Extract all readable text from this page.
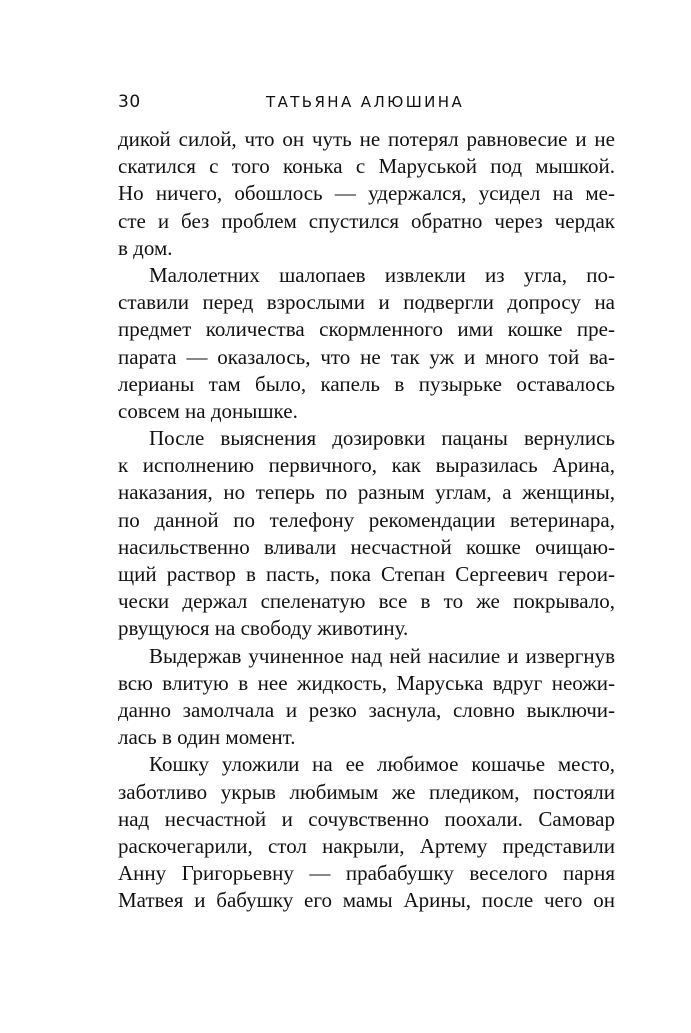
30	ТАТЬЯНА АЛЮШИНА
дикой силой, что он чуть не потерял равновесие и не
скатился с того конька с Маруськой под мышкой.
Но ничего, обошлось — удержался, усидел на ме-
сте и без проблем спустился обратно через чердак
в дом.
Малолетних шалопаев извлекли из угла, по-
ставили перед взрослыми и подвергли допросу на
предмет количества скормленного ими кошке пре-
парата — оказалось, что не так уж и много той ва-
лерианы там было, капель в пузырьке оставалось
совсем на донышке.
После выяснения дозировки пацаны вернулись
к исполнению первичного, как выразилась Арина,
наказания, но теперь по разным углам, а женщины,
по данной по телефону рекомендации ветеринара,
насильственно вливали несчастной кошке очищаю-
щий раствор в пасть, пока Степан Сергеевич герои-
чески держал спеленатую все в то же покрывало,
рвущуюся на свободу животину.
Выдержав учиненное над ней насилие и извергнув
всю влитую в нее жидкость, Маруська вдруг неожи-
данно замолчала и резко заснула, словно выключи-
лась в один момент.
Кошку уложили на ее любимое кошачье место,
заботливо укрыв любимым же пледиком, постояли
над несчастной и сочувственно поохали. Самовар
раскочегарили, стол накрыли, Артему представили
Анну Григорьевну — прабабушку веселого парня
Матвея и бабушку его мамы Арины, после чего он
